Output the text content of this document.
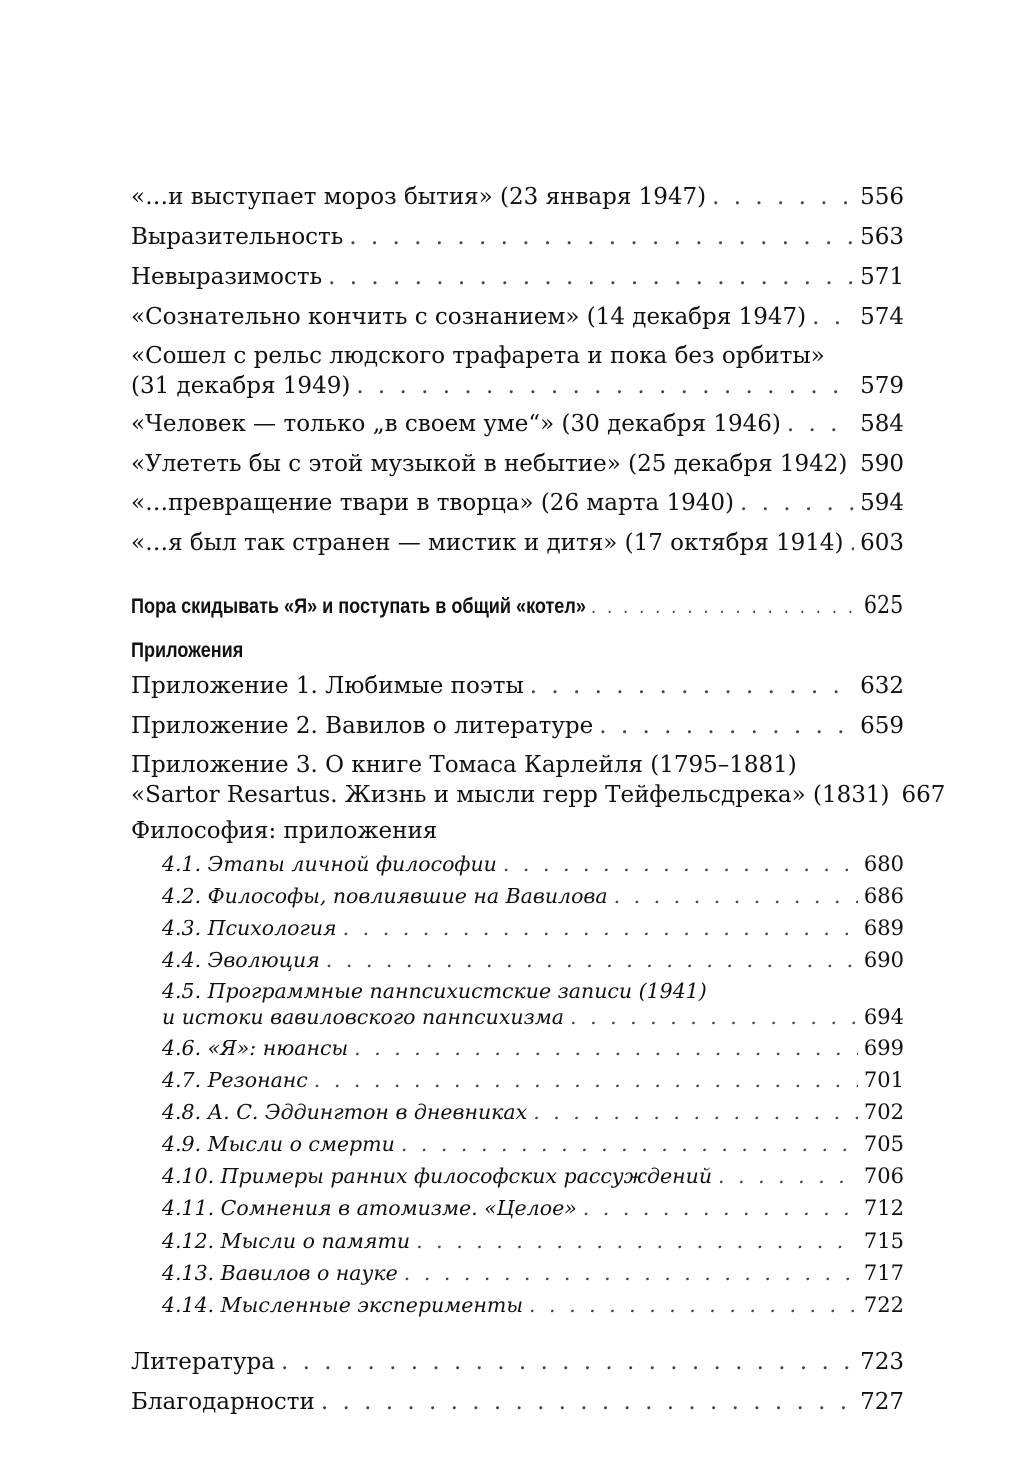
«…и выступает мороз бытия» (23 января 1947) . . .	556
Выразительность . . .	563
Невыразимость . . .	571
«Сознательно кончить с сознанием» (14 декабря 1947) . . . 574
«Сошел с рельс людского трафарета и пока без орбиты»
(31 декабря 1949) . . .	579
«Человек — только „в своем уме“» (30 декабря 1946) . . .	584
«Улететь бы с этой музыкой в небытие» (25 декабря 1942) . . . 590
«…превращение твари в творца» (26 марта 1940) . . .	594
«…я был так странен — мистик и дитя» (17 октября 1914) . . . 603
Пора скидывать «Я» и поступать в общий «котел» . . .	625
Приложения
Приложение 1. Любимые поэты . . .	632
Приложение 2. Вавилов о литературе . . .	659
Приложение 3. О книге Томаса Карлейля (1795–1881)
«Sartor Resartus. Жизнь и мысли герр Тейфельсдрека» (1831) 667
Философия: приложения
4.1. Этапы личной философии . . .	680
4.2. Философы, повлиявшие на Вавилова . . .	686
4.3. Психология . . .	689
4.4. Эволюция . . .	690
4.5. Программные панпсихистские записи (1941)
и истоки вавиловского панпсихизма . . .	694
4.6. «Я»: нюансы . . .	699
4.7. Резонанс . . .	701
4.8. А. С. Эддингтон в дневниках . . .	702
4.9. Мысли о смерти . . .	705
4.10. Примеры ранних философских рассуждений . . .	706
4.11. Сомнения в атомизме. «Целое» . . .	712
4.12. Мысли о памяти . . .	715
4.13. Вавилов о науке . . .	717
4.14. Мысленные эксперименты . . .	722
Литература . . .	723
Благодарности . . .	727
